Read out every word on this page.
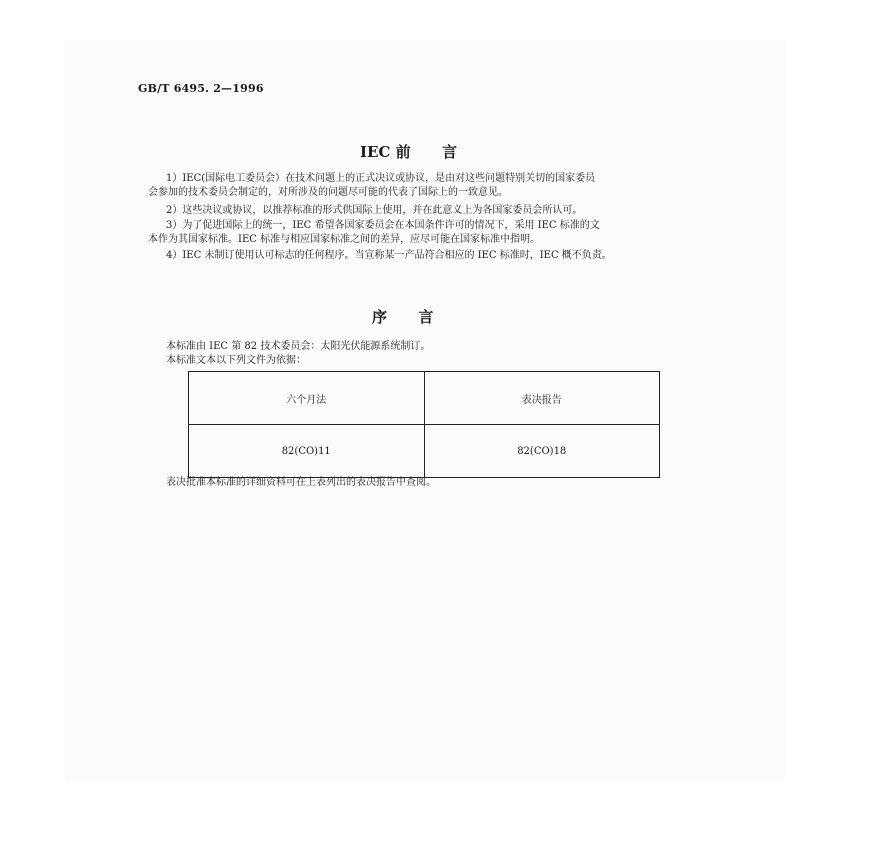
GB/T 6495. 2—1996
IEC 前      言
1）IEC(国际电工委员会）在技术问题上的正式决议或协议，是由对这些问题特别关切的国家委员
会参加的技术委员会制定的，对所涉及的问题尽可能的代表了国际上的一致意见。
2）这些决议或协议，以推荐标准的形式供国际上使用，并在此意义上为各国家委员会所认可。
3）为了促进国际上的统一，IEC 希望各国家委员会在本国条件许可的情况下，采用 IEC 标准的文
本作为其国家标准。IEC 标准与相应国家标准之间的差异，应尽可能在国家标准中指明。
4）IEC 未制订使用认可标志的任何程序。当宣称某一产品符合相应的 IEC 标准时，IEC 概不负责。
序      言
本标准由 IEC 第 82 技术委员会：太阳光伏能源系统制订。
本标准文本以下列文件为依据：
六个月法	表决报告
82(CO)11	82(CO)18
表决批准本标准的详细资料可在上表列出的表决报告中查阅。
